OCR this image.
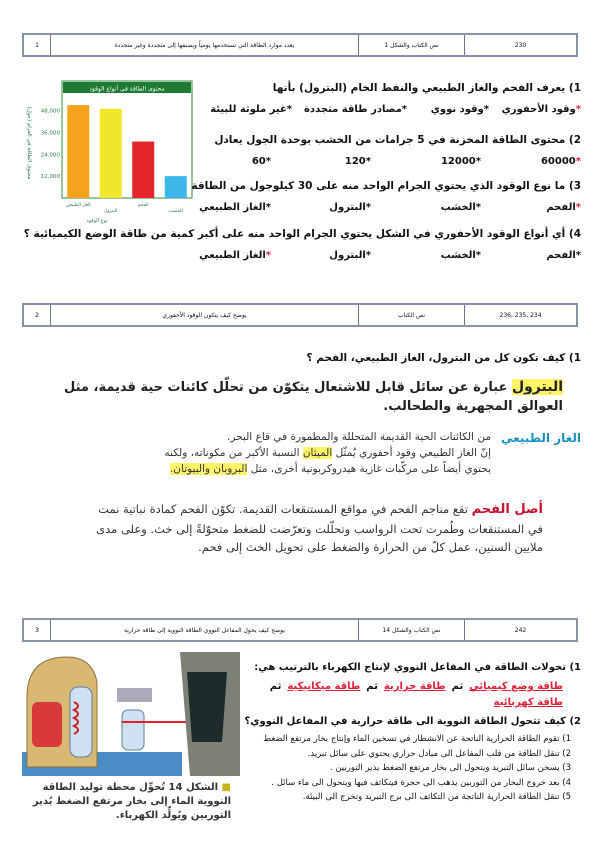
1	يعدد موارد الطاقة التي تستخدمها يومياً ويصنفها إلى متجددة وغير متجددة	نص الكتاب والشكل 1	230
2	يوضح كيف يتكون الوقود الأحفوري	نص الكتاب	234 ,235 ,236
3	يوضح كيف يحول المفاعل النووي الطاقة النووية إلى طاقة حرارية	نص الكتاب والشكل 14	242
1) يعرف الفحم والغاز الطبيعي والنفط الخام (البترول) بأنها
*وقود الأحفوري
*وقود نووي
*مصادر طاقة متجددة
*غير ملوثة للبيئة
2) محتوى الطاقة المخزنة في 5 جرامات من الخشب بوحدة الجول يعادل
*60000
*12000
*120
*60
3) ما نوع الوقود الذي يحتوي الجرام الواحد منه على 30 كيلوجول من الطاقة
*الفحم
*الخشب
*البترول
*الغاز الطبيعي
4) أي أنواع الوقود الأحفوري في الشكل يحتوي الجرام الواحد منه على أكبر كمية من طاقة الوضع الكيميائية ؟
*الفحم
*الخشب
*البترول
*الغاز الطبيعي
محتوى الطاقة في أنواع الوقود
12,000
24,000
36,000
48,000
الغاز الطبيعي
البترول
الفحم
الخشب
نوع الوقود
محتوى الطاقة في الغرام (جول)
1) كيف تكون كل من البترول، الغاز الطبيعي، الفحم ؟
البترول عبارة عن سائل قابل للاشتعال يتكوّن من تحلّل كائنات حية قديمة، مثل العوالق المجهرية والطحالب.
الغاز الطبيعي
من الكائنات الحية القديمة المتحللة والمطمورة في قاع البحر.
إنّ الغاز الطبيعي وقود أحفوري يُمثّل الميثان النسبة الأكبر من مكوناته، ولكنه
يحتوي أيضاً على مركّبات غازية هيدروكربونية أخرى، مثل البروبان والبيوتان.
أصل الفحم تقع مناجم الفحم في مواقع المستنقعات القديمة. تكوّن الفحم كمادة نباتية نمت في المستنقعات وطُمرت تحت الرواسب وتحلّلت وتعرّضت للضغط متحوّلةً إلى خث. وعلى مدى ملايين السنين، عمل كلّ من الحرارة والضغط على تحويل الخث إلى فحم.
1) تحولات الطاقة في المفاعل النووي لإنتاج الكهرباء بالترتيب هي:
طاقة وضع كيميائي
ثم
طاقة حرارية
ثم
طاقة ميكانيكية
ثم
طاقة كهربائية
2) كيف تتحول الطاقة النووية الى طاقة حرارية في المفاعل النووي؟
1) تقوم الطاقة الحرارية الناتجة عن الانشطار في تسخين الماء وإنتاج بخار مرتفع الضغط
2) تنقل الطاقة من قلب المفاعل الى مبادل حراري يحتوي على سائل تبريد.
3) يسخن سائل التبريد ويتحول الى بخار مرتفع الضغط يدير التوربين .
4) بعد خروج البخار من التوربين يذهب الى حجرة فيتكاثف فيها ويتحول الى ماء سائل .
5) تنقل الطاقة الحرارية الناتجة من التكاثف الى برج التبريد وتخرج الى البيئة.
■ الشكل 14 تُحوِّل محطة توليد الطاقة النووية الماء إلى بخار مرتفع الضغط يُدير التوربين ويُولِّد الكهرباء.
